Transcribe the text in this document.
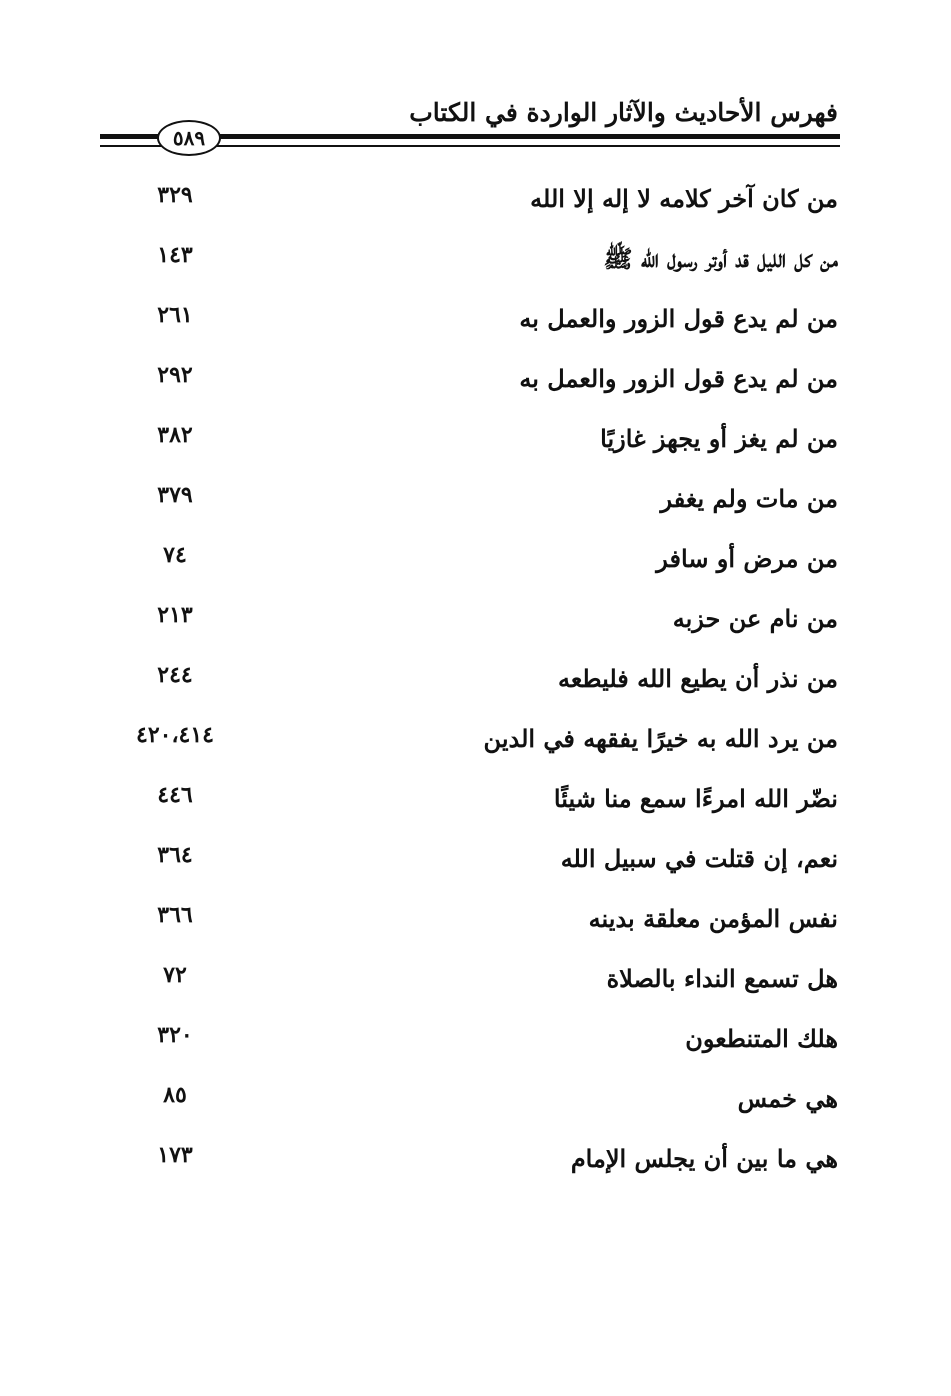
فهرس الأحاديث والآثار الواردة في الكتاب
٥٨٩
من كان آخر كلامه لا إله إلا الله
٣٢٩
من كل الليل قد أوتر رسول الله ﷺ
١٤٣
من لم يدع قول الزور والعمل به
٢٦١
من لم يدع قول الزور والعمل به
٢٩٢
من لم يغز أو يجهز غازيًا
٣٨٢
من مات ولم يغفر
٣٧٩
من مرض أو سافر
٧٤
من نام عن حزبه
٢١٣
من نذر أن يطيع الله فليطعه
٢٤٤
من يرد الله به خيرًا يفقهه في الدين
٤٢٠،٤١٤
نضّر الله امرءًا سمع منا شيئًا
٤٤٦
نعم، إن قتلت في سبيل الله
٣٦٤
نفس المؤمن معلقة بدينه
٣٦٦
هل تسمع النداء بالصلاة
٧٢
هلك المتنطعون
٣٢٠
هي خمس
٨٥
هي ما بين أن يجلس الإمام
١٧٣
